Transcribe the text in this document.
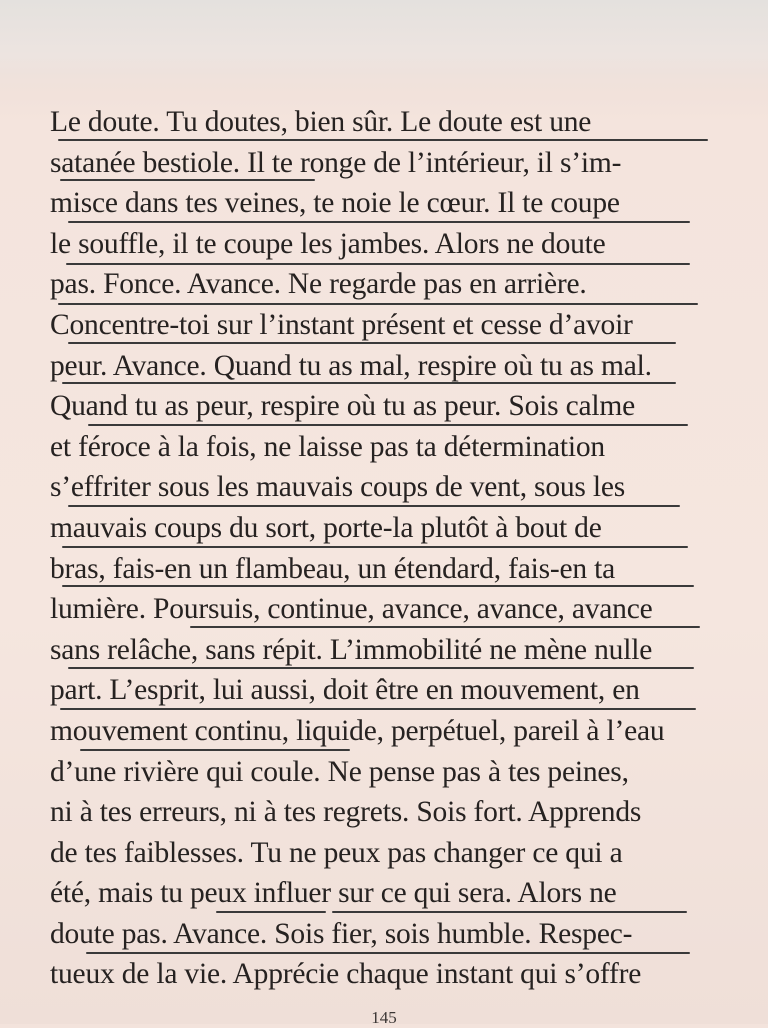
Le doute. Tu doutes, bien sûr. Le doute est une
satanée bestiole. Il te ronge de l’intérieur, il s’im-
misce dans tes veines, te noie le cœur. Il te coupe
le souffle, il te coupe les jambes. Alors ne doute
pas. Fonce. Avance. Ne regarde pas en arrière.
Concentre-toi sur l’instant présent et cesse d’avoir
peur. Avance. Quand tu as mal, respire où tu as mal.
Quand tu as peur, respire où tu as peur. Sois calme
et féroce à la fois, ne laisse pas ta détermination
s’effriter sous les mauvais coups de vent, sous les
mauvais coups du sort, porte-la plutôt à bout de
bras, fais-en un flambeau, un étendard, fais-en ta
lumière. Poursuis, continue, avance, avance, avance
sans relâche, sans répit. L’immobilité ne mène nulle
part. L’esprit, lui aussi, doit être en mouvement, en
mouvement continu, liquide, perpétuel, pareil à l’eau
d’une rivière qui coule. Ne pense pas à tes peines,
ni à tes erreurs, ni à tes regrets. Sois fort. Apprends
de tes faiblesses. Tu ne peux pas changer ce qui a
été, mais tu peux influer sur ce qui sera. Alors ne
doute pas. Avance. Sois fier, sois humble. Respec-
tueux de la vie. Apprécie chaque instant qui s’offre
145
